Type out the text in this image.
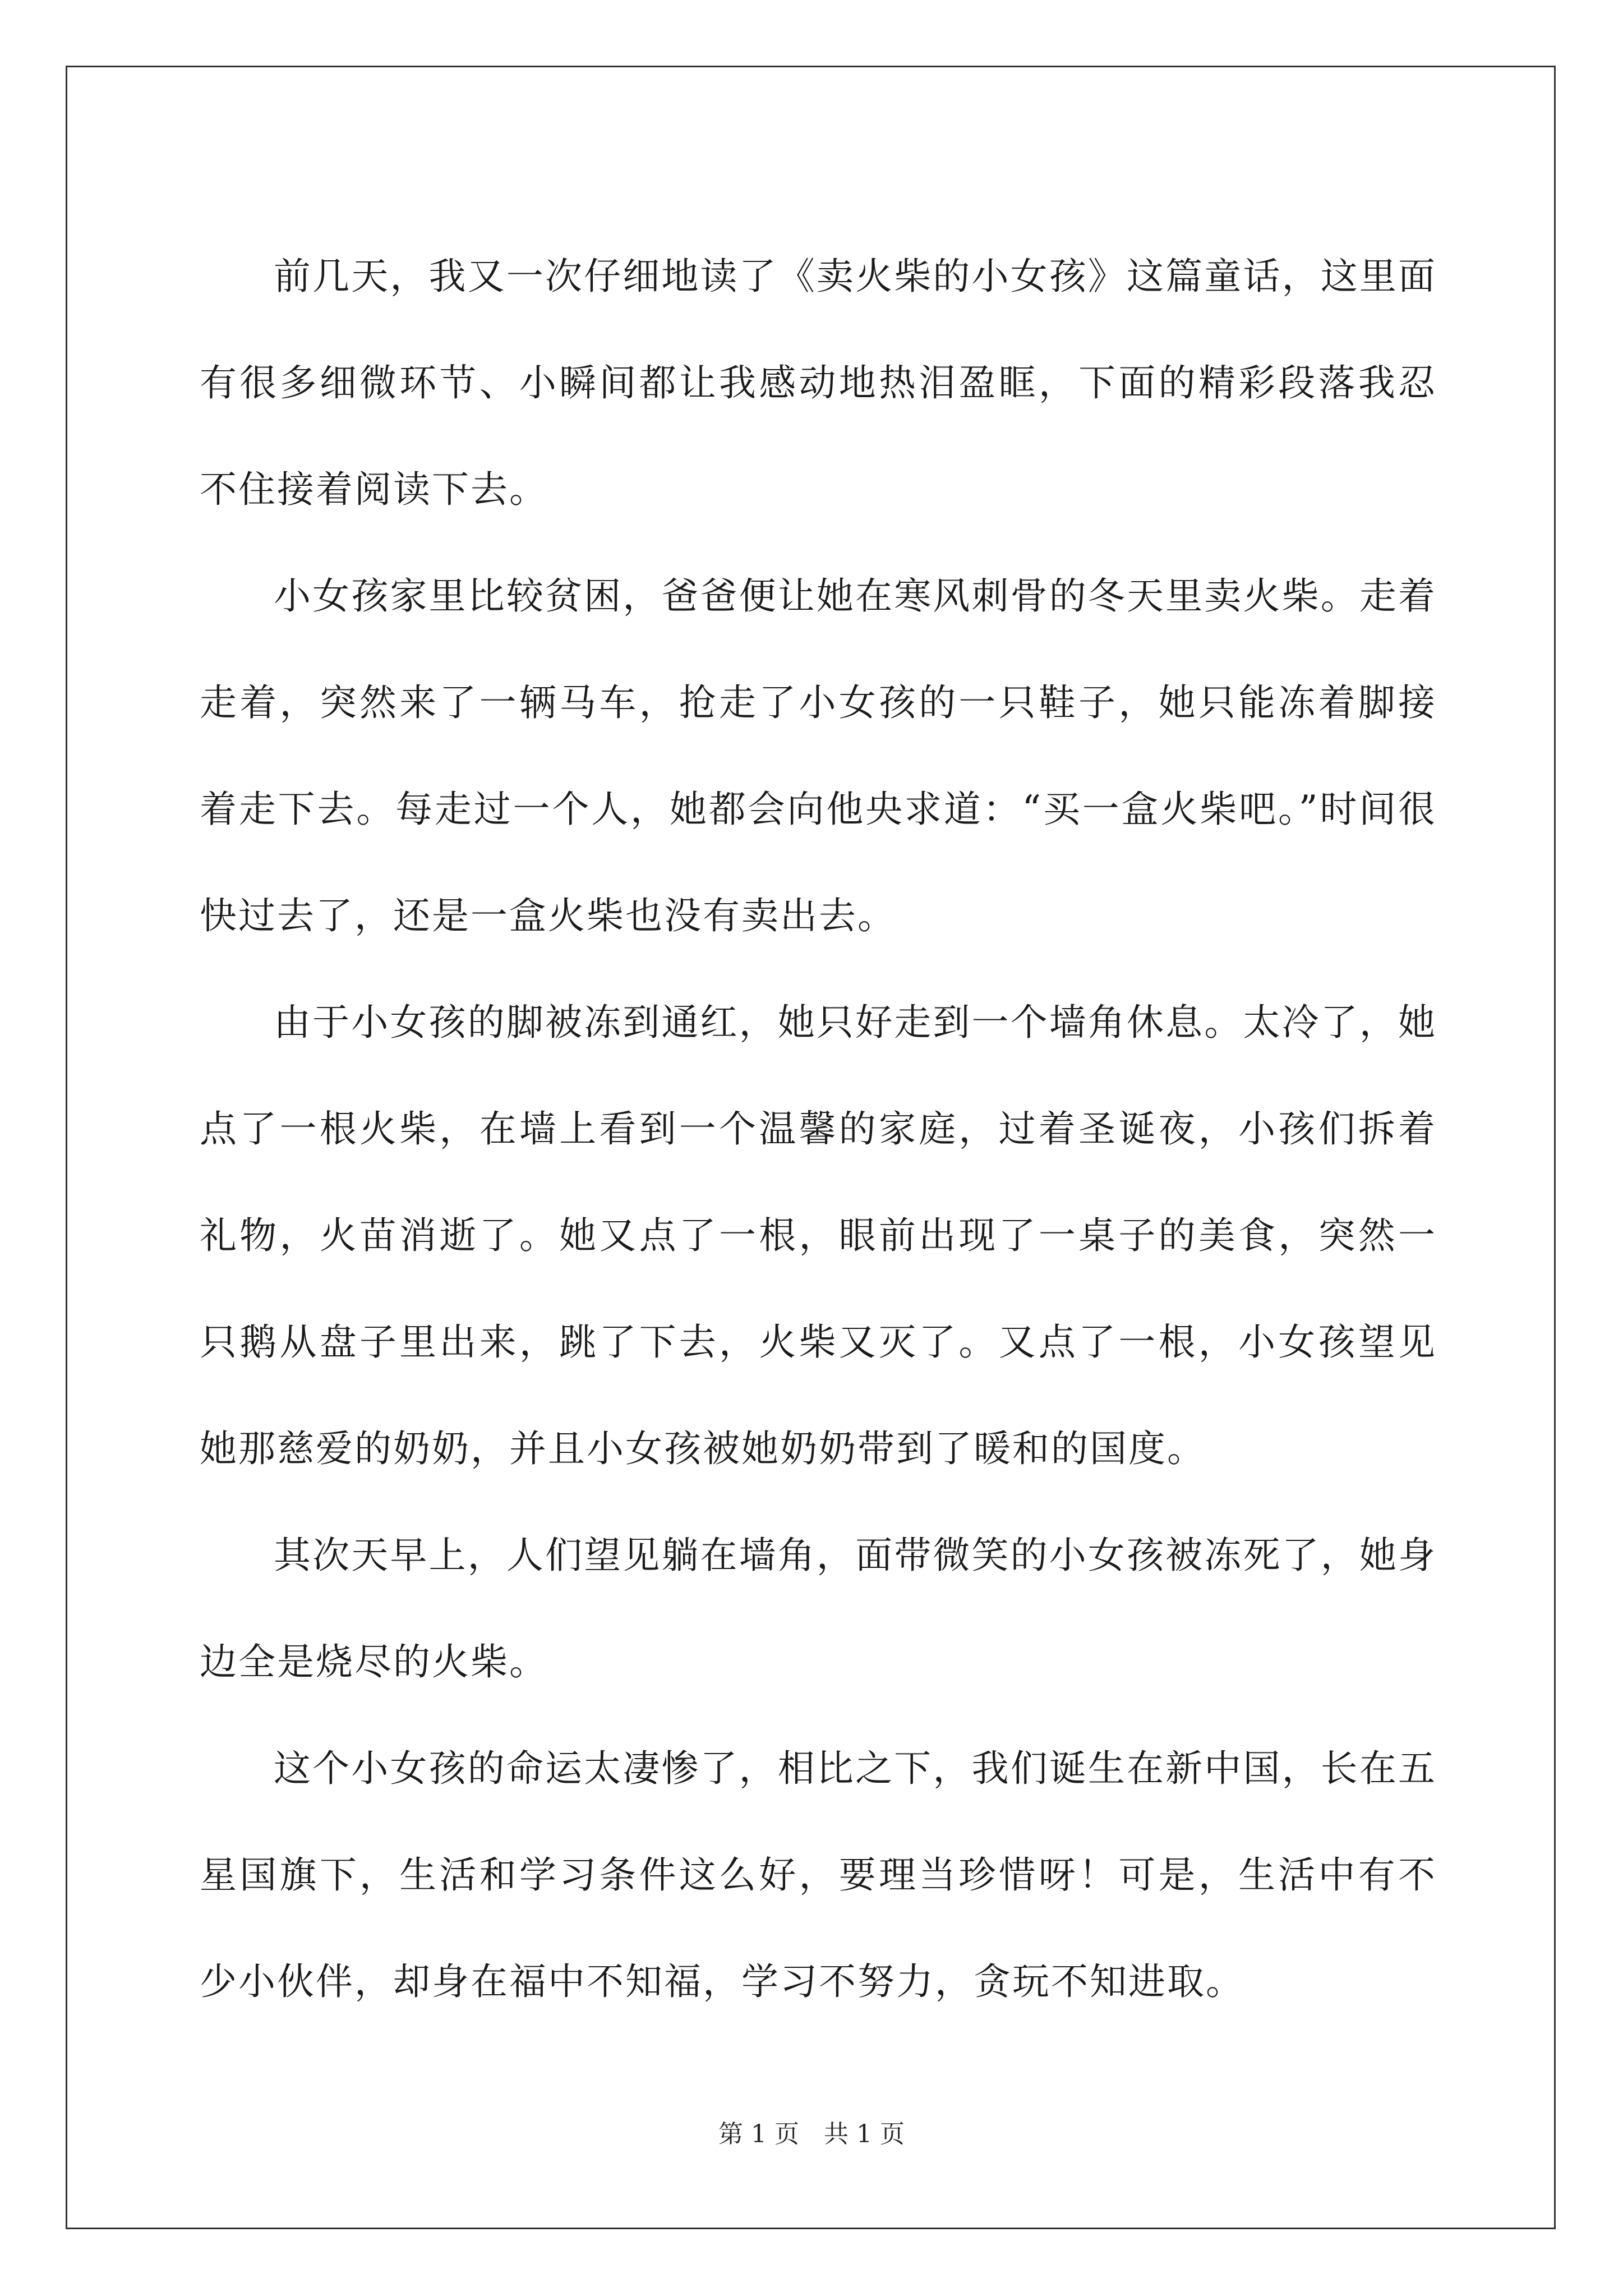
前几天，我又一次仔细地读了《卖火柴的小女孩》这篇童话，这里面有很多细微环节、小瞬间都让我感动地热泪盈眶，下面的精彩段落我忍不住接着阅读下去。

小女孩家里比较贫困，爸爸便让她在寒风刺骨的冬天里卖火柴。走着走着，突然来了一辆马车，抢走了小女孩的一只鞋子，她只能冻着脚接着走下去。每走过一个人，她都会向他央求道：“买一盒火柴吧。”时间很快过去了，还是一盒火柴也没有卖出去。

由于小女孩的脚被冻到通红，她只好走到一个墙角休息。太冷了，她点了一根火柴，在墙上看到一个温馨的家庭，过着圣诞夜，小孩们拆着礼物，火苗消逝了。她又点了一根，眼前出现了一桌子的美食，突然一只鹅从盘子里出来，跳了下去，火柴又灭了。又点了一根，小女孩望见她那慈爱的奶奶，并且小女孩被她奶奶带到了暖和的国度。

其次天早上，人们望见躺在墙角，面带微笑的小女孩被冻死了，她身边全是烧尽的火柴。

这个小女孩的命运太凄惨了，相比之下，我们诞生在新中国，长在五星国旗下，生活和学习条件这么好，要理当珍惜呀！可是，生活中有不少小伙伴，却身在福中不知福，学习不努力，贪玩不知进取。

第 1 页　共 1 页
